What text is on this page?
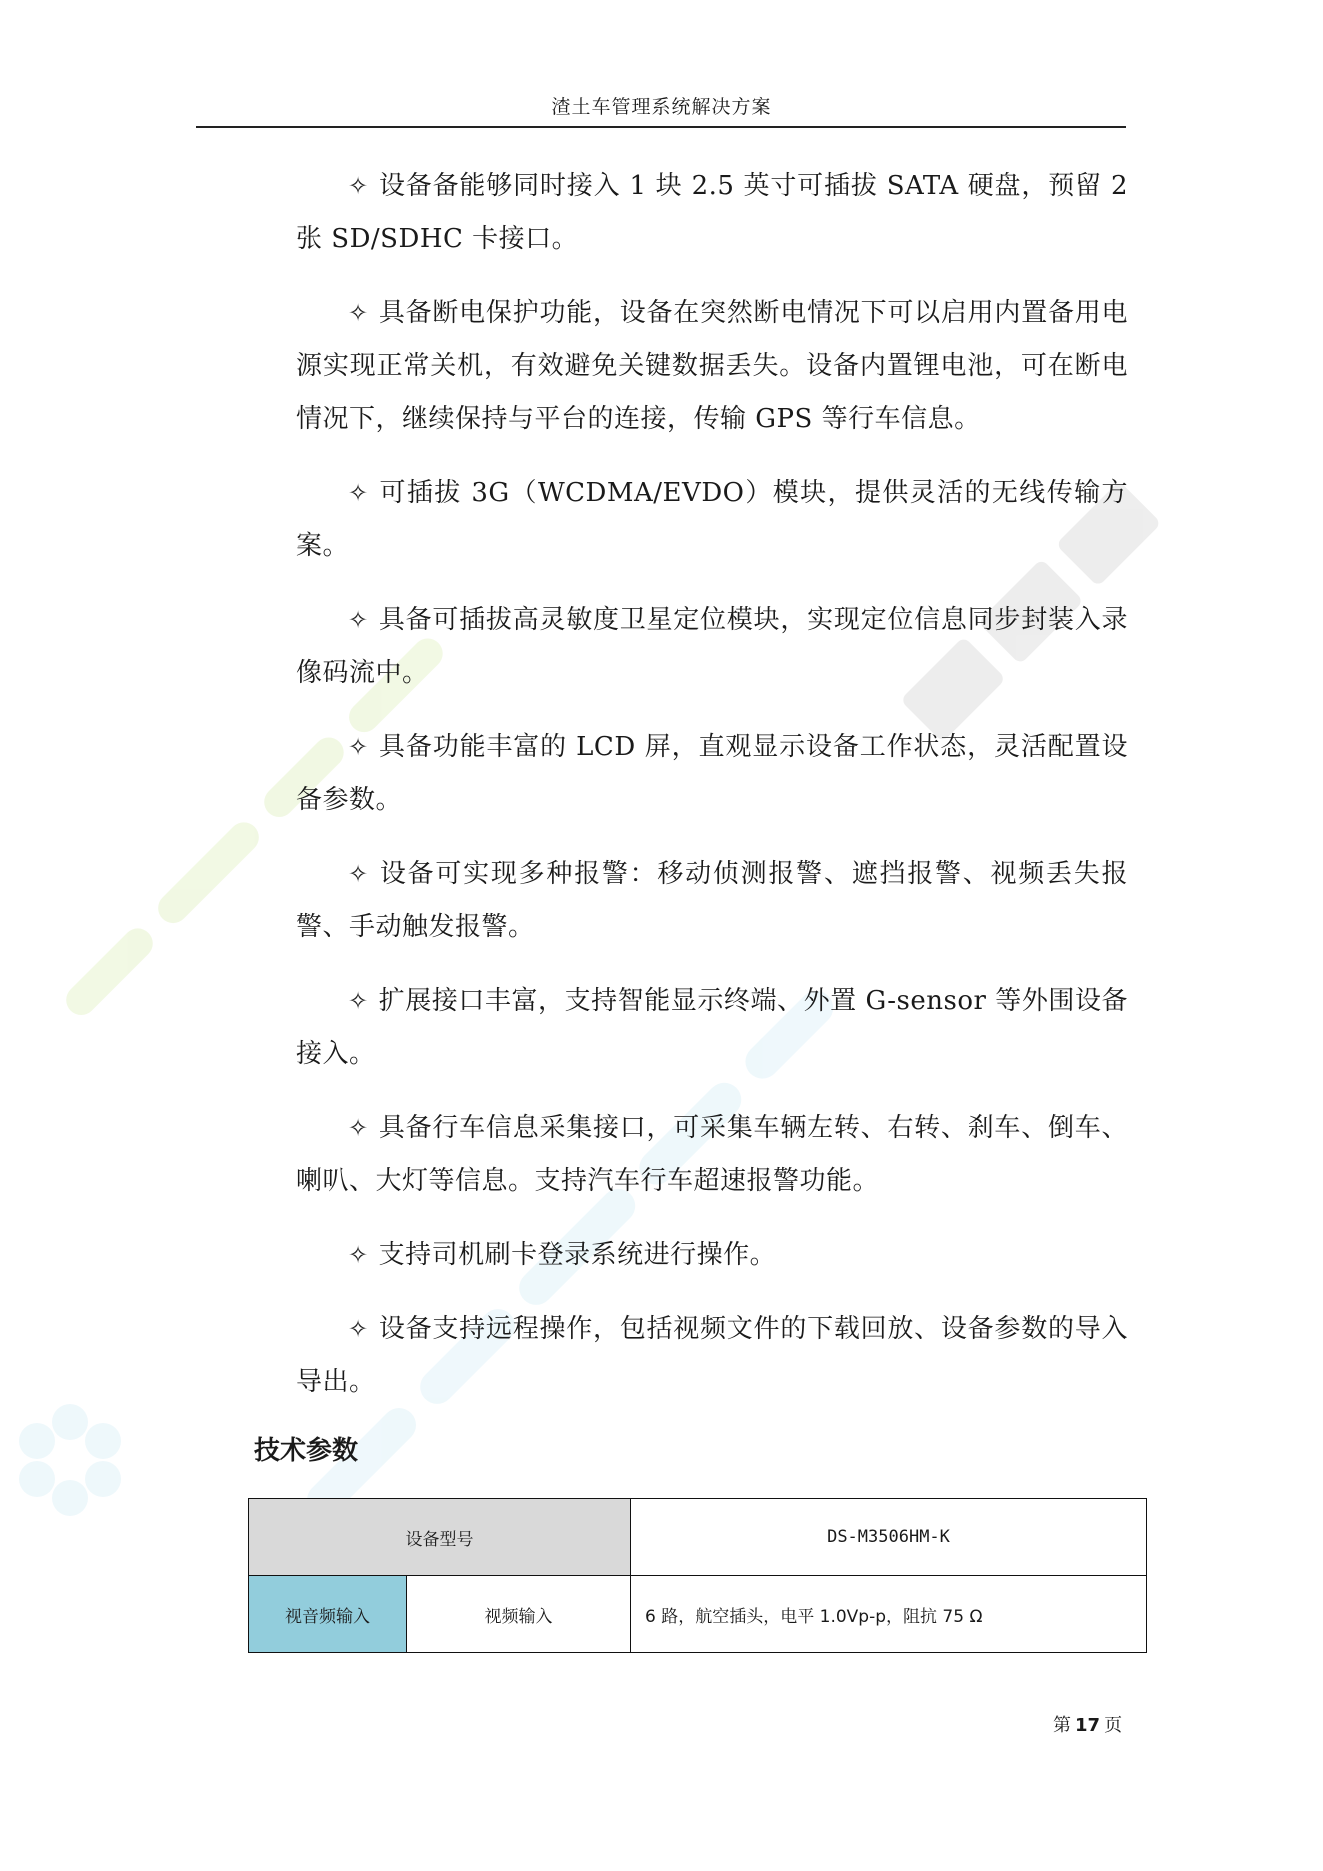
渣土车管理系统解决方案

✧ 设备备能够同时接入 1 块 2.5 英寸可插拔 SATA 硬盘，预留 2 张 SD/SDHC 卡接口。

✧ 具备断电保护功能，设备在突然断电情况下可以启用内置备用电源实现正常关机，有效避免关键数据丢失。设备内置锂电池，可在断电情况下，继续保持与平台的连接，传输 GPS 等行车信息。

✧ 可插拔 3G（WCDMA/EVDO）模块，提供灵活的无线传输方案。

✧ 具备可插拔高灵敏度卫星定位模块，实现定位信息同步封装入录像码流中。

✧ 具备功能丰富的 LCD 屏，直观显示设备工作状态，灵活配置设备参数。

✧ 设备可实现多种报警：移动侦测报警、遮挡报警、视频丢失报警、手动触发报警。

✧ 扩展接口丰富，支持智能显示终端、外置 G-sensor 等外围设备接入。

✧ 具备行车信息采集接口，可采集车辆左转、右转、刹车、倒车、喇叭、大灯等信息。支持汽车行车超速报警功能。

✧ 支持司机刷卡登录系统进行操作。

✧ 设备支持远程操作，包括视频文件的下载回放、设备参数的导入导出。

技术参数
设备型号		DS-M3506HM-K
视音频输入	视频输入	6 路，航空插头，电平 1.0Vp-p，阻抗 75 Ω
第 17 页
